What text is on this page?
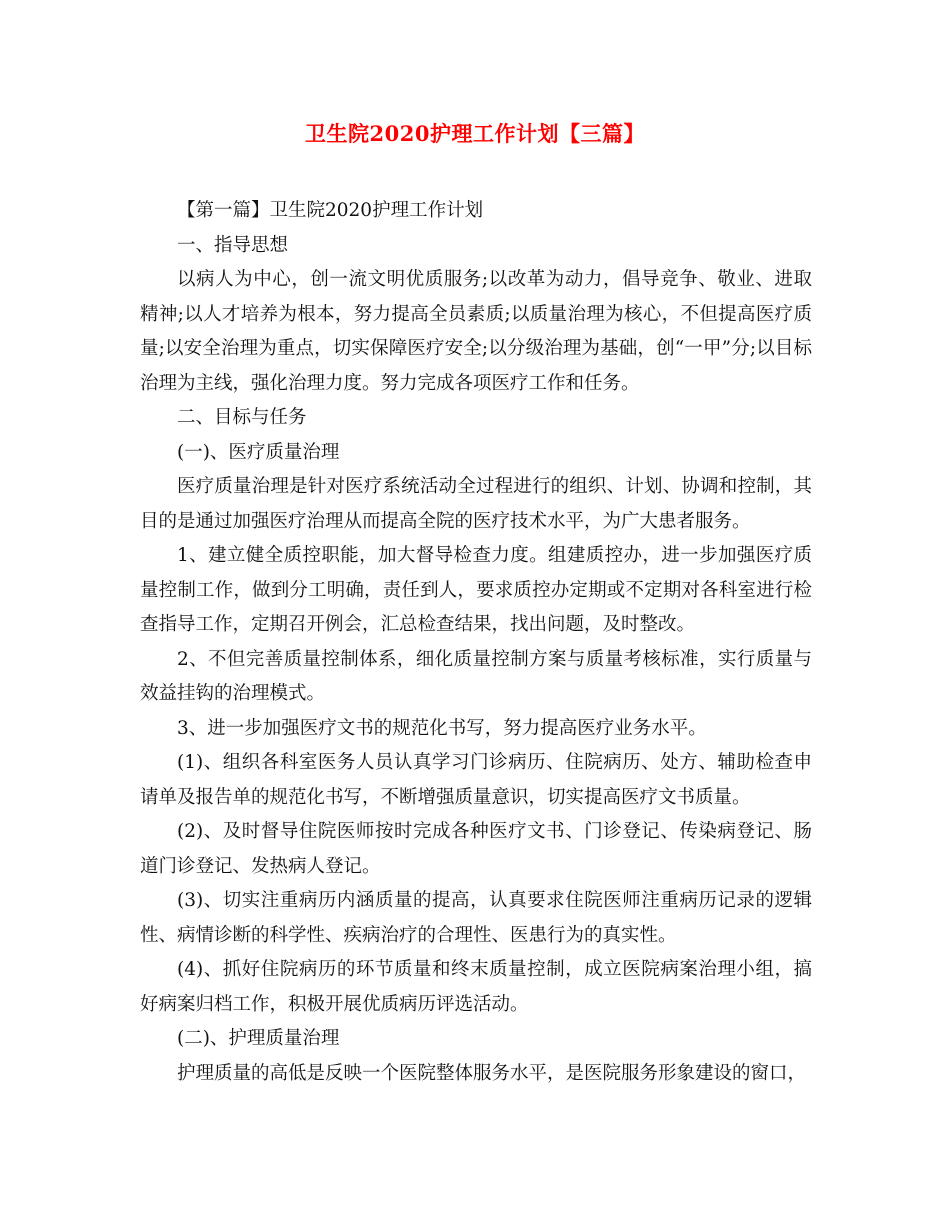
卫生院2020护理工作计划【三篇】

【第一篇】卫生院2020护理工作计划

一、指导思想

以病人为中心，创一流文明优质服务;以改革为动力，倡导竞争、敬业、进取精神;以人才培养为根本，努力提高全员素质;以质量治理为核心，不但提高医疗质量;以安全治理为重点，切实保障医疗安全;以分级治理为基础，创“一甲”分;以目标治理为主线，强化治理力度。努力完成各项医疗工作和任务。

二、目标与任务

(一)、医疗质量治理

医疗质量治理是针对医疗系统活动全过程进行的组织、计划、协调和控制，其目的是通过加强医疗治理从而提高全院的医疗技术水平，为广大患者服务。

1、建立健全质控职能，加大督导检查力度。组建质控办，进一步加强医疗质量控制工作，做到分工明确，责任到人，要求质控办定期或不定期对各科室进行检查指导工作，定期召开例会，汇总检查结果，找出问题，及时整改。

2、不但完善质量控制体系，细化质量控制方案与质量考核标准，实行质量与效益挂钩的治理模式。

3、进一步加强医疗文书的规范化书写，努力提高医疗业务水平。

(1)、组织各科室医务人员认真学习门诊病历、住院病历、处方、辅助检查申请单及报告单的规范化书写，不断增强质量意识，切实提高医疗文书质量。

(2)、及时督导住院医师按时完成各种医疗文书、门诊登记、传染病登记、肠道门诊登记、发热病人登记。

(3)、切实注重病历内涵质量的提高，认真要求住院医师注重病历记录的逻辑性、病情诊断的科学性、疾病治疗的合理性、医患行为的真实性。

(4)、抓好住院病历的环节质量和终末质量控制，成立医院病案治理小组，搞好病案归档工作，积极开展优质病历评选活动。

(二)、护理质量治理

护理质量的高低是反映一个医院整体服务水平，是医院服务形象建设的窗口，
